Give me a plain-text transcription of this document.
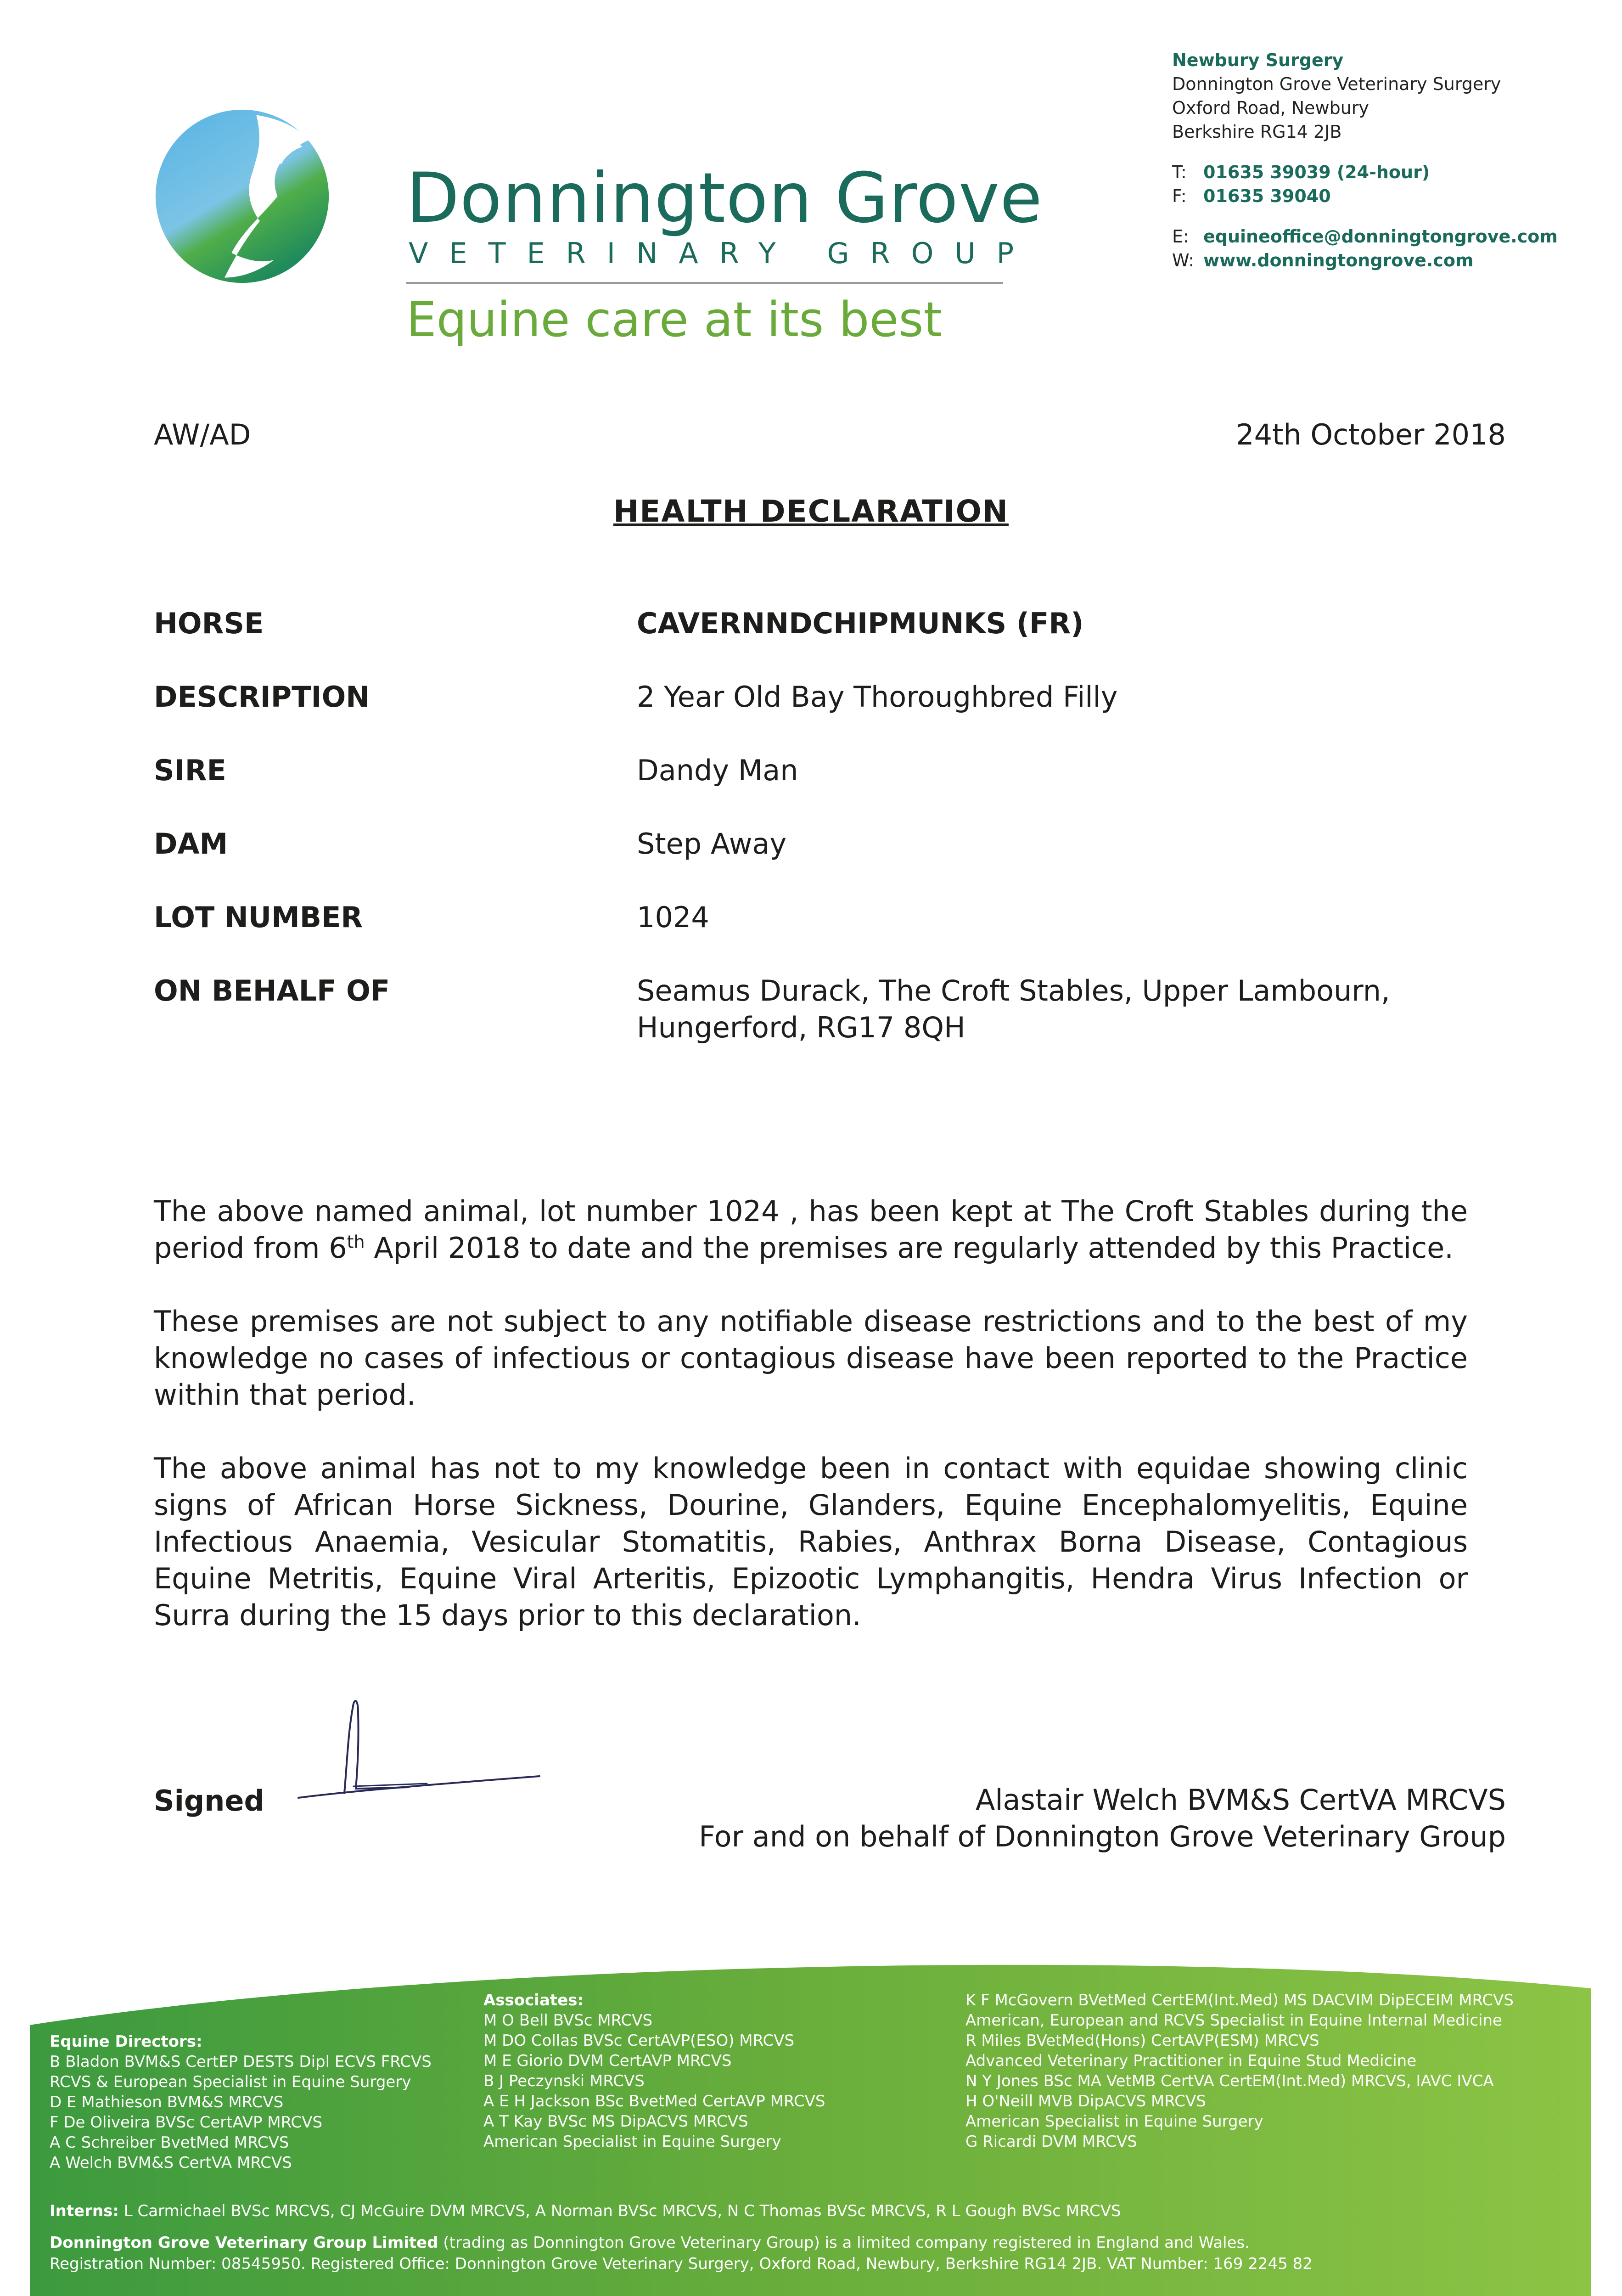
Donnington Grove
VETERINARY GROUP
Equine care at its best
Newbury Surgery
Donnington Grove Veterinary Surgery
Oxford Road, Newbury
Berkshire RG14 2JB
T: 01635 39039 (24-hour)
F: 01635 39040
E: equineoffice@donningtongrove.com
W: www.donningtongrove.com
AW/AD	24th October 2018
HEALTH DECLARATION
HORSE	CAVERNNDCHIPMUNKS (FR)
DESCRIPTION	2 Year Old Bay Thoroughbred Filly
SIRE	Dandy Man
DAM	Step Away
LOT NUMBER	1024
ON BEHALF OF	Seamus Durack, The Croft Stables, Upper Lambourn,
Hungerford, RG17 8QH

The above named animal, lot number 1024 , has been kept at The Croft Stables during the period from 6th April 2018 to date and the premises are regularly attended by this Practice.

These premises are not subject to any notifiable disease restrictions and to the best of my knowledge no cases of infectious or contagious disease have been reported to the Practice within that period.

The above animal has not to my knowledge been in contact with equidae showing clinic signs of African Horse Sickness, Dourine, Glanders, Equine Encephalomyelitis, Equine Infectious Anaemia, Vesicular Stomatitis, Rabies, Anthrax Borna Disease, Contagious Equine Metritis, Equine Viral Arteritis, Epizootic Lymphangitis, Hendra Virus Infection or Surra during the 15 days prior to this declaration.

Signed	Alastair Welch BVM&S CertVA MRCVS
For and on behalf of Donnington Grove Veterinary Group
Equine Directors:
B Bladon BVM&S CertEP DESTS Dipl ECVS FRCVS
RCVS & European Specialist in Equine Surgery
D E Mathieson BVM&S MRCVS
F De Oliveira BVSc CertAVP MRCVS
A C Schreiber BvetMed MRCVS
A Welch BVM&S CertVA MRCVS
Associates:
M O Bell BVSc MRCVS
M DO Collas BVSc CertAVP(ESO) MRCVS
M E Giorio DVM CertAVP MRCVS
B J Peczynski MRCVS
A E H Jackson BSc BvetMed CertAVP MRCVS
A T Kay BVSc MS DipACVS MRCVS
American Specialist in Equine Surgery
K F McGovern BVetMed CertEM(Int.Med) MS DACVIM DipECEIM MRCVS
American, European and RCVS Specialist in Equine Internal Medicine
R Miles BVetMed(Hons) CertAVP(ESM) MRCVS
Advanced Veterinary Practitioner in Equine Stud Medicine
N Y Jones BSc MA VetMB CertVA CertEM(Int.Med) MRCVS, IAVC IVCA
H O'Neill MVB DipACVS MRCVS
American Specialist in Equine Surgery
G Ricardi DVM MRCVS
Interns: L Carmichael BVSc MRCVS, CJ McGuire DVM MRCVS, A Norman BVSc MRCVS, N C Thomas BVSc MRCVS, R L Gough BVSc MRCVS
Donnington Grove Veterinary Group Limited (trading as Donnington Grove Veterinary Group) is a limited company registered in England and Wales.
Registration Number: 08545950. Registered Office: Donnington Grove Veterinary Surgery, Oxford Road, Newbury, Berkshire RG14 2JB. VAT Number: 169 2245 82
